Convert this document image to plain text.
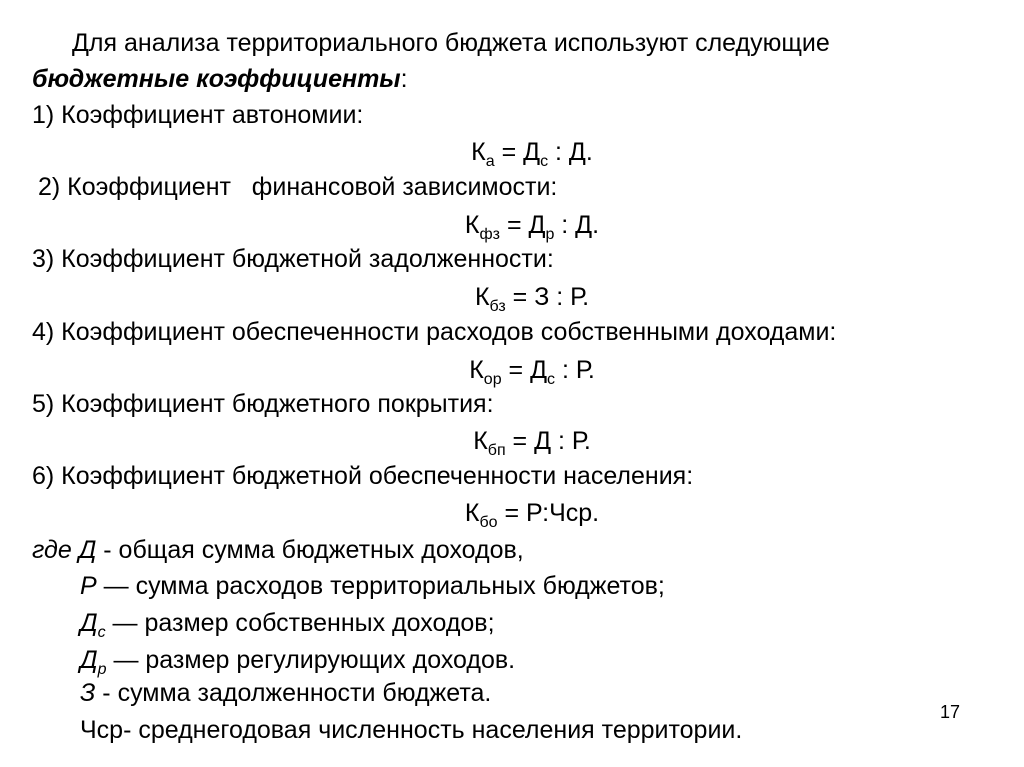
Для анализа территориального бюджета используют следующие
бюджетные коэффициенты:
1) Коэффициент автономии:
$К_а = Д_с$ : Д.
2) Коэффициент   финансовой зависимости:
$К_{фз} = Д_р$ : Д.
3) Коэффициент бюджетной задолженности:
$К_{бз} = З$ : Р.
4) Коэффициент обеспеченности расходов собственными доходами:
$К_{ор} = Д_с$ : Р.
5) Коэффициент бюджетного покрытия:
$К_{бп} = Д$ : Р.
6) Коэффициент бюджетной обеспеченности населения:
$К_{бо}$ = Р:Чср.
где Д - общая сумма бюджетных доходов,
Р — сумма расходов территориальных бюджетов;
$Д_с$ — размер собственных доходов;
$Д_р$ — размер регулирующих доходов.
З - сумма задолженности бюджета.
Чср- среднегодовая численность населения территории.
17
